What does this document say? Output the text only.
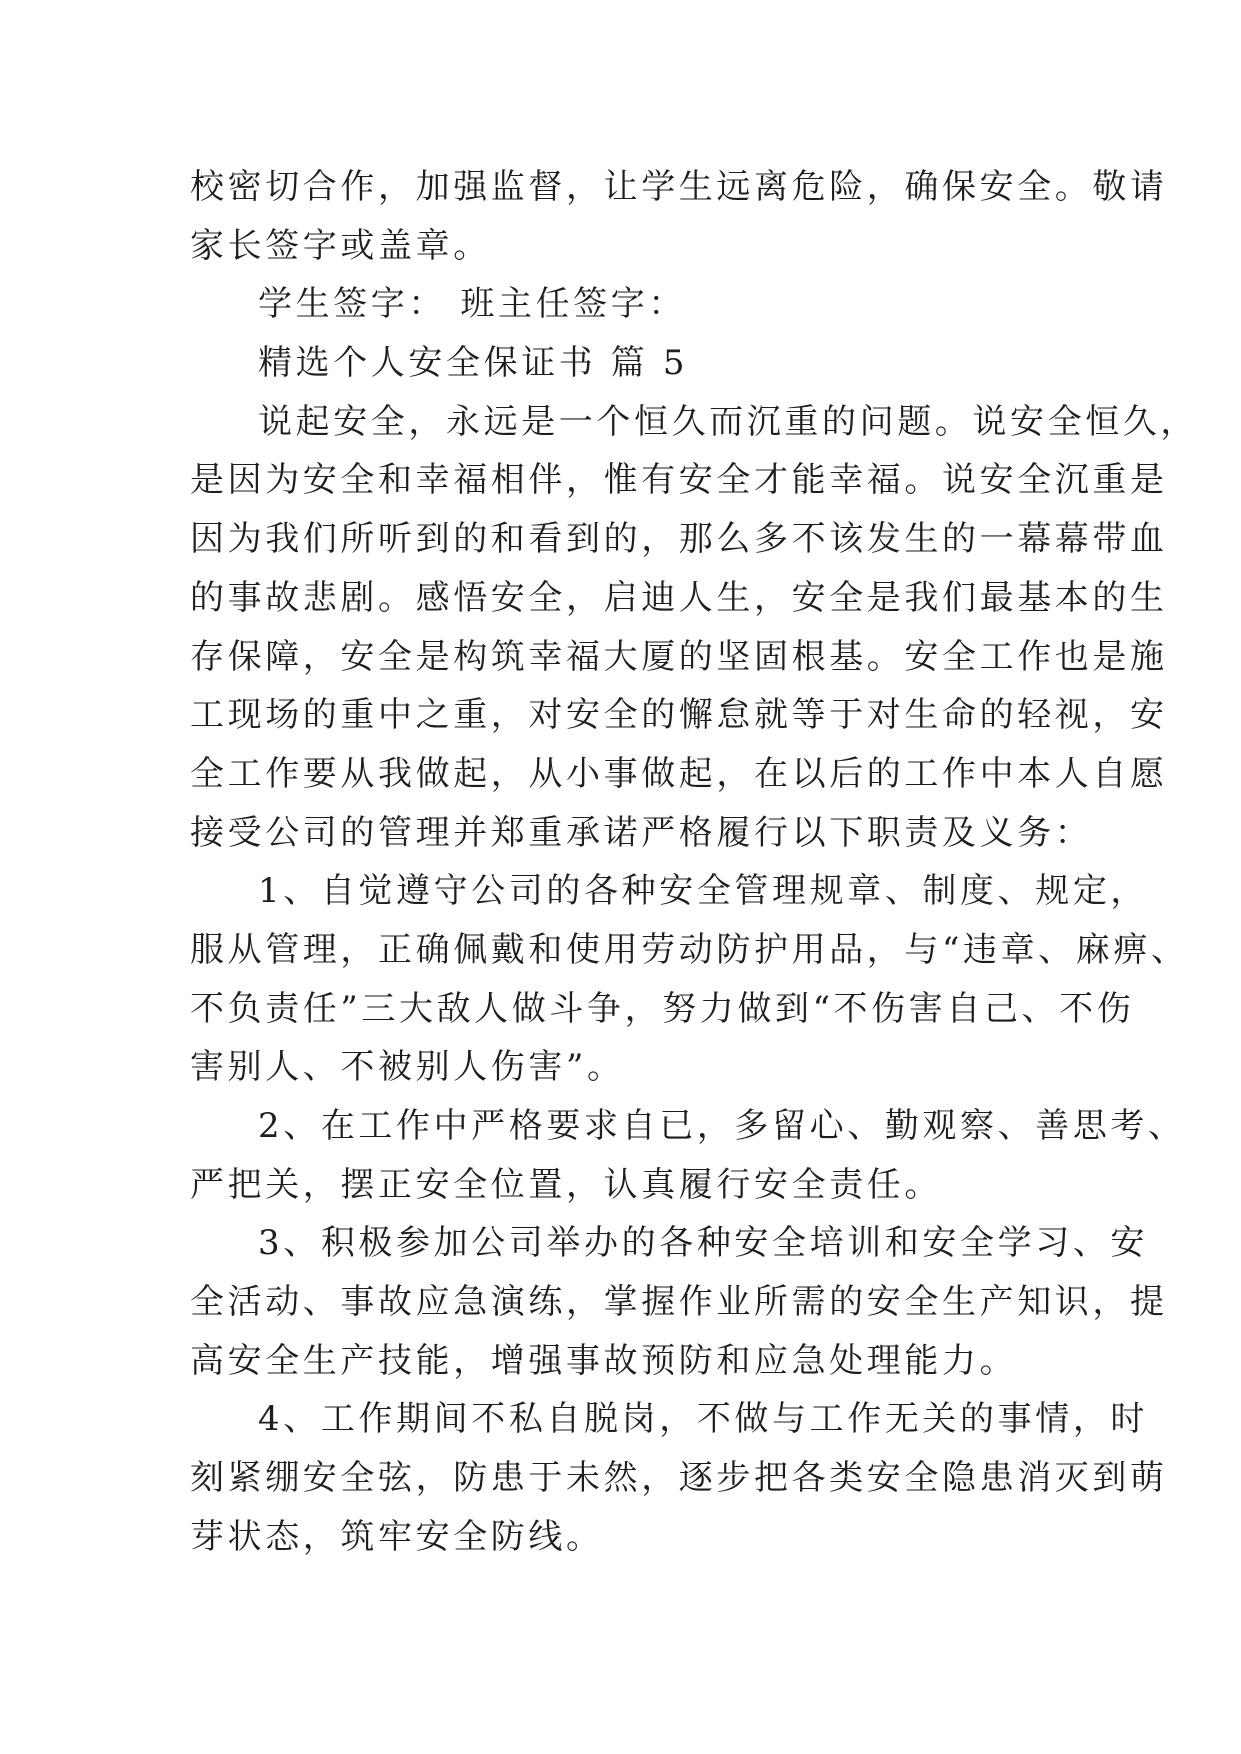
校密切合作，加强监督，让学生远离危险，确保安全。敬请
家长签字或盖章。
学生签字： 班主任签字：
精选个人安全保证书 篇 5
说起安全，永远是一个恒久而沉重的问题。说安全恒久，
是因为安全和幸福相伴，惟有安全才能幸福。说安全沉重是
因为我们所听到的和看到的，那么多不该发生的一幕幕带血
的事故悲剧。感悟安全，启迪人生，安全是我们最基本的生
存保障，安全是构筑幸福大厦的坚固根基。安全工作也是施
工现场的重中之重，对安全的懈怠就等于对生命的轻视，安
全工作要从我做起，从小事做起，在以后的工作中本人自愿
接受公司的管理并郑重承诺严格履行以下职责及义务：
1、自觉遵守公司的各种安全管理规章、制度、规定，
服从管理，正确佩戴和使用劳动防护用品，与“违章、麻痹、
不负责任”三大敌人做斗争，努力做到“不伤害自己、不伤
害别人、不被别人伤害”。
2、在工作中严格要求自已，多留心、勤观察、善思考、
严把关，摆正安全位置，认真履行安全责任。
3、积极参加公司举办的各种安全培训和安全学习、安
全活动、事故应急演练，掌握作业所需的安全生产知识，提
高安全生产技能，增强事故预防和应急处理能力。
4、工作期间不私自脱岗，不做与工作无关的事情，时
刻紧绷安全弦，防患于未然，逐步把各类安全隐患消灭到萌
芽状态，筑牢安全防线。
